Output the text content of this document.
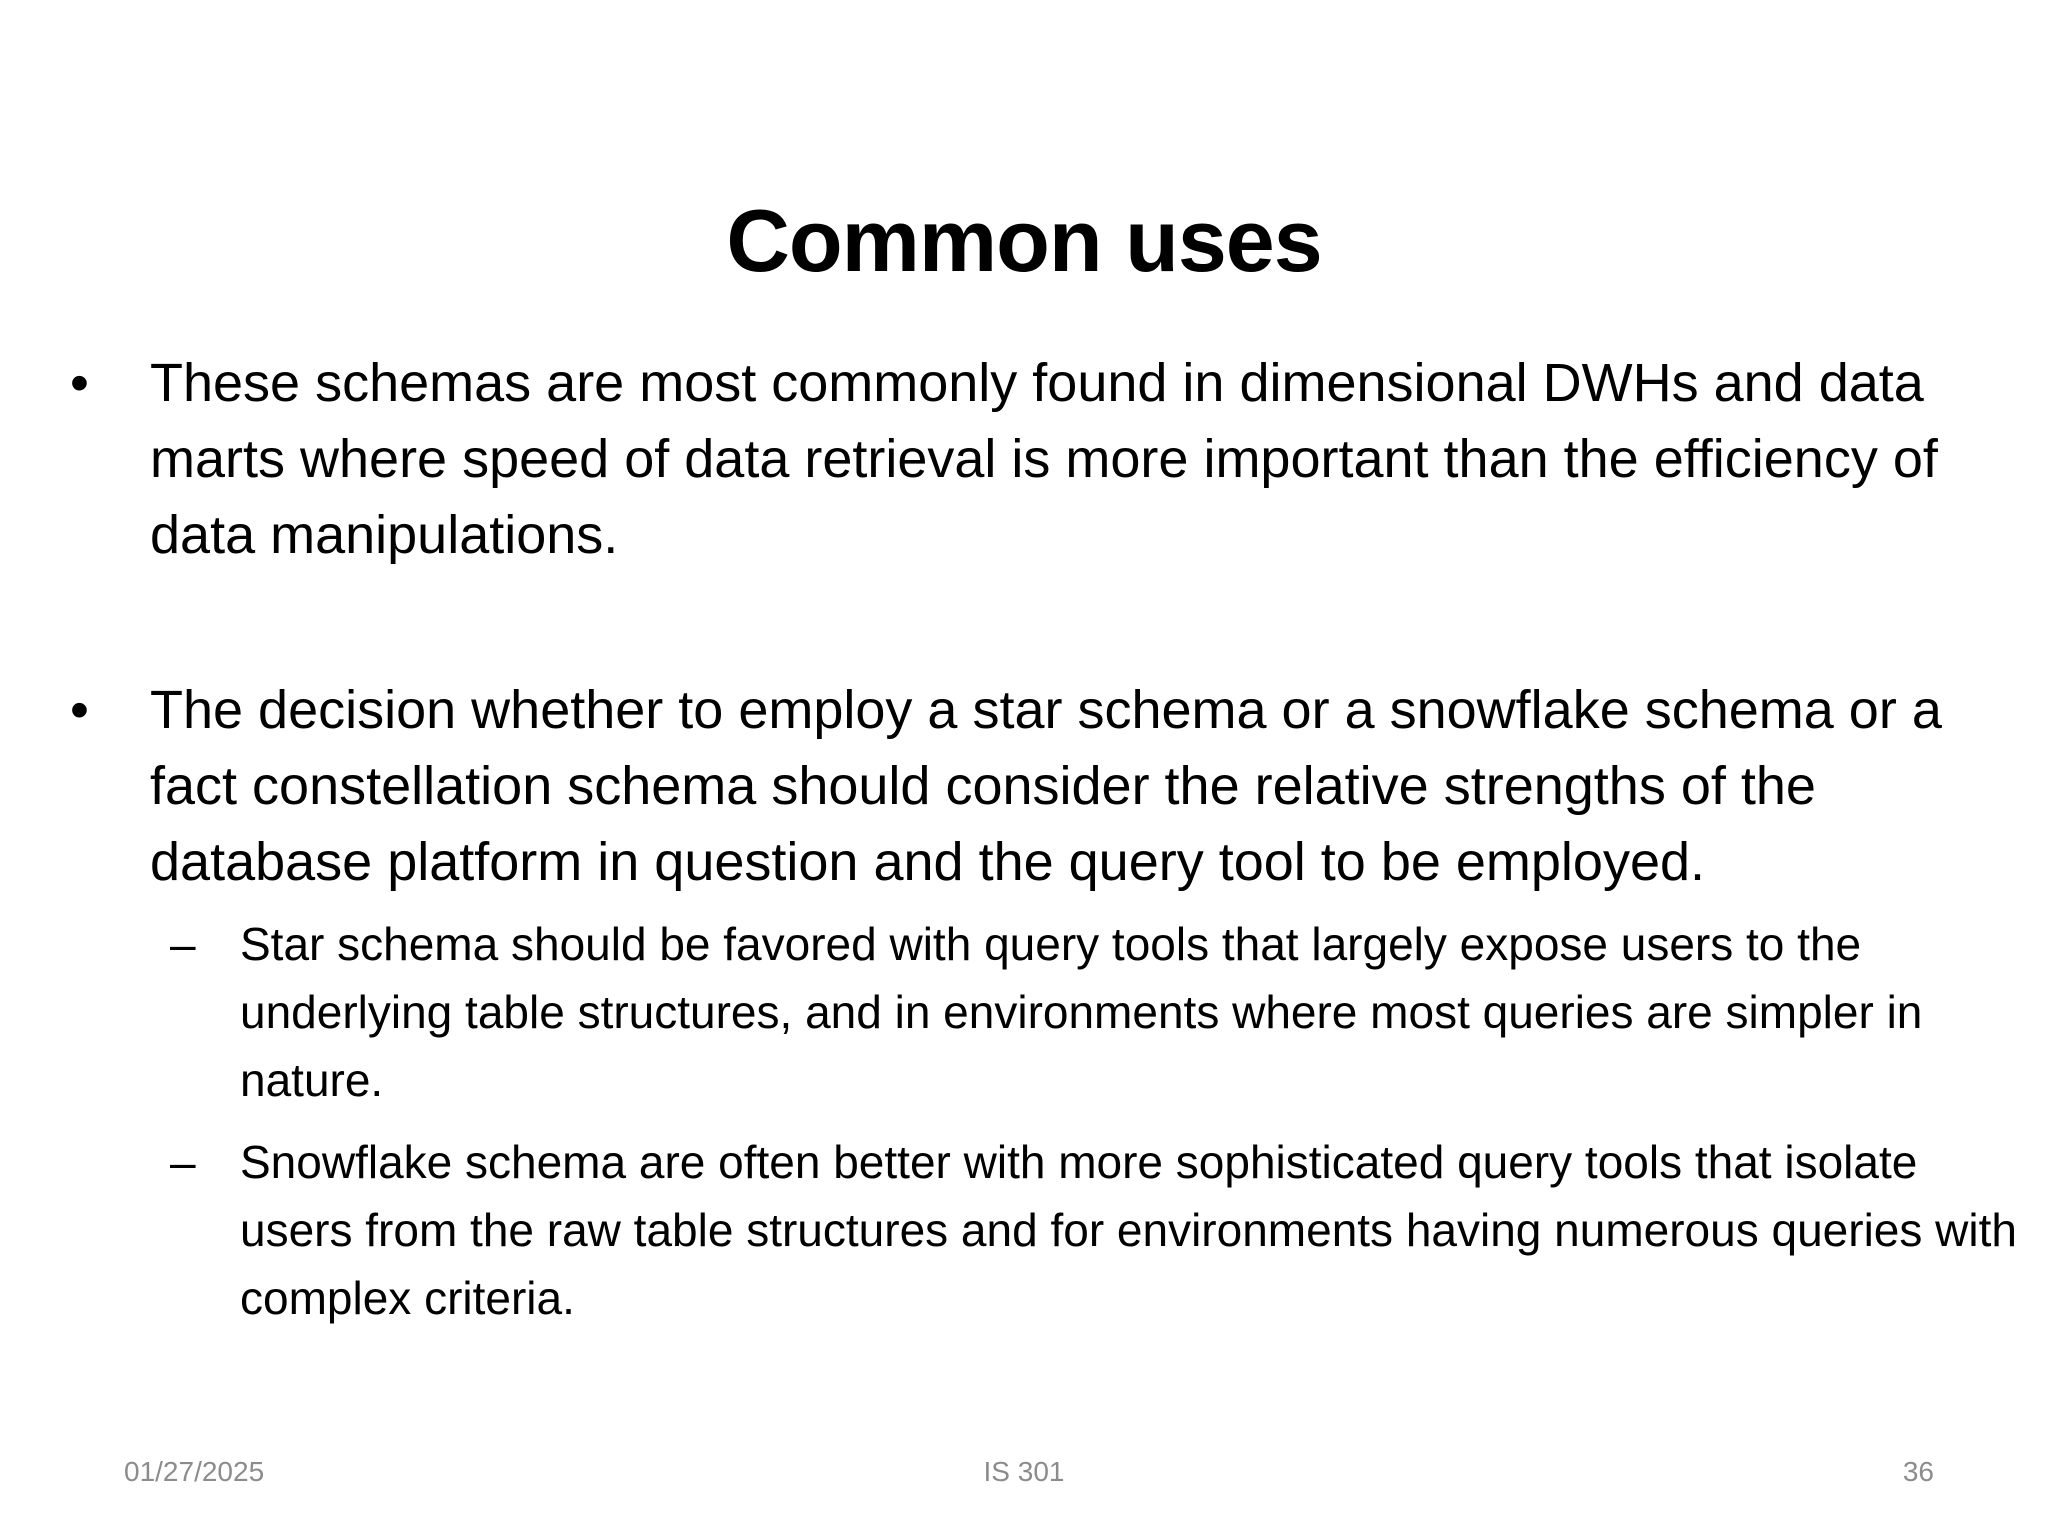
Common uses
• These schemas are most commonly found in dimensional DWHs and data marts where speed of data retrieval is more important than the efficiency of data manipulations.

• The decision whether to employ a star schema or a snowflake schema or a fact constellation schema should consider the relative strengths of the database platform in question and the query tool to be employed.

– Star schema should be favored with query tools that largely expose users to the underlying table structures, and in environments where most queries are simpler in nature.

– Snowflake schema are often better with more sophisticated query tools that isolate users from the raw table structures and for environments having numerous queries with complex criteria.

01/27/2025	IS 301	36
